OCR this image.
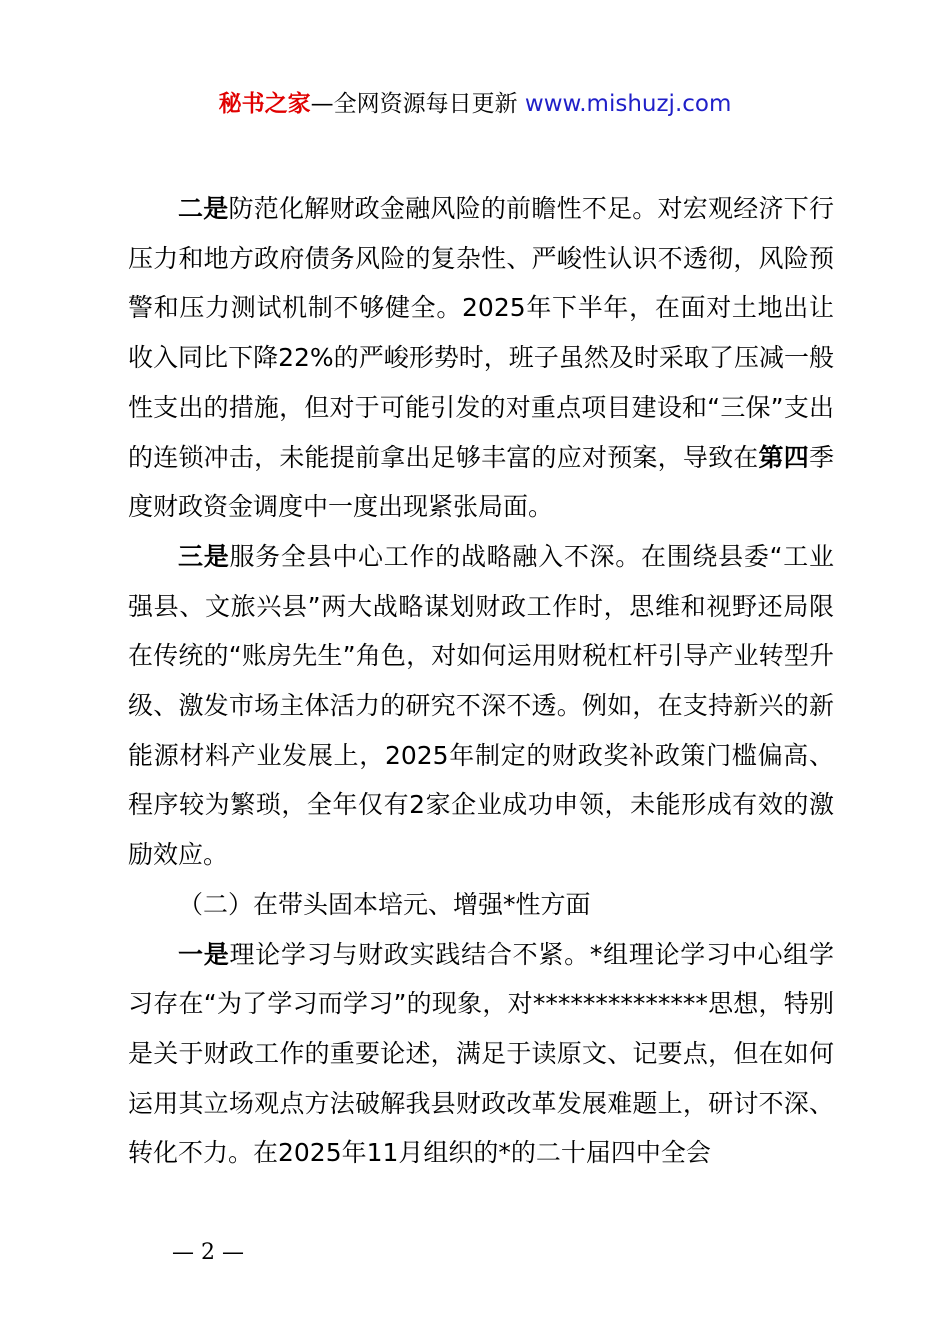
秘书之家—全网资源每日更新 www.mishuzj.com

二是防范化解财政金融风险的前瞻性不足。对宏观经济下行压力和地方政府债务风险的复杂性、严峻性认识不透彻，风险预警和压力测试机制不够健全。2025年下半年，在面对土地出让收入同比下降22%的严峻形势时，班子虽然及时采取了压减一般性支出的措施，但对于可能引发的对重点项目建设和“三保”支出的连锁冲击，未能提前拿出足够丰富的应对预案，导致在第四季度财政资金调度中一度出现紧张局面。

三是服务全县中心工作的战略融入不深。在围绕县委“工业强县、文旅兴县”两大战略谋划财政工作时，思维和视野还局限在传统的“账房先生”角色，对如何运用财税杠杆引导产业转型升级、激发市场主体活力的研究不深不透。例如，在支持新兴的新能源材料产业发展上，2025年制定的财政奖补政策门槛偏高、程序较为繁琐，全年仅有2家企业成功申领，未能形成有效的激励效应。

（二）在带头固本培元、增强*性方面

一是理论学习与财政实践结合不紧。*组理论学习中心组学习存在“为了学习而学习”的现象，对**************思想，特别是关于财政工作的重要论述，满足于读原文、记要点，但在如何运用其立场观点方法破解我县财政改革发展难题上，研讨不深、转化不力。在2025年11月组织的*的二十届四中全会

— 2 —
